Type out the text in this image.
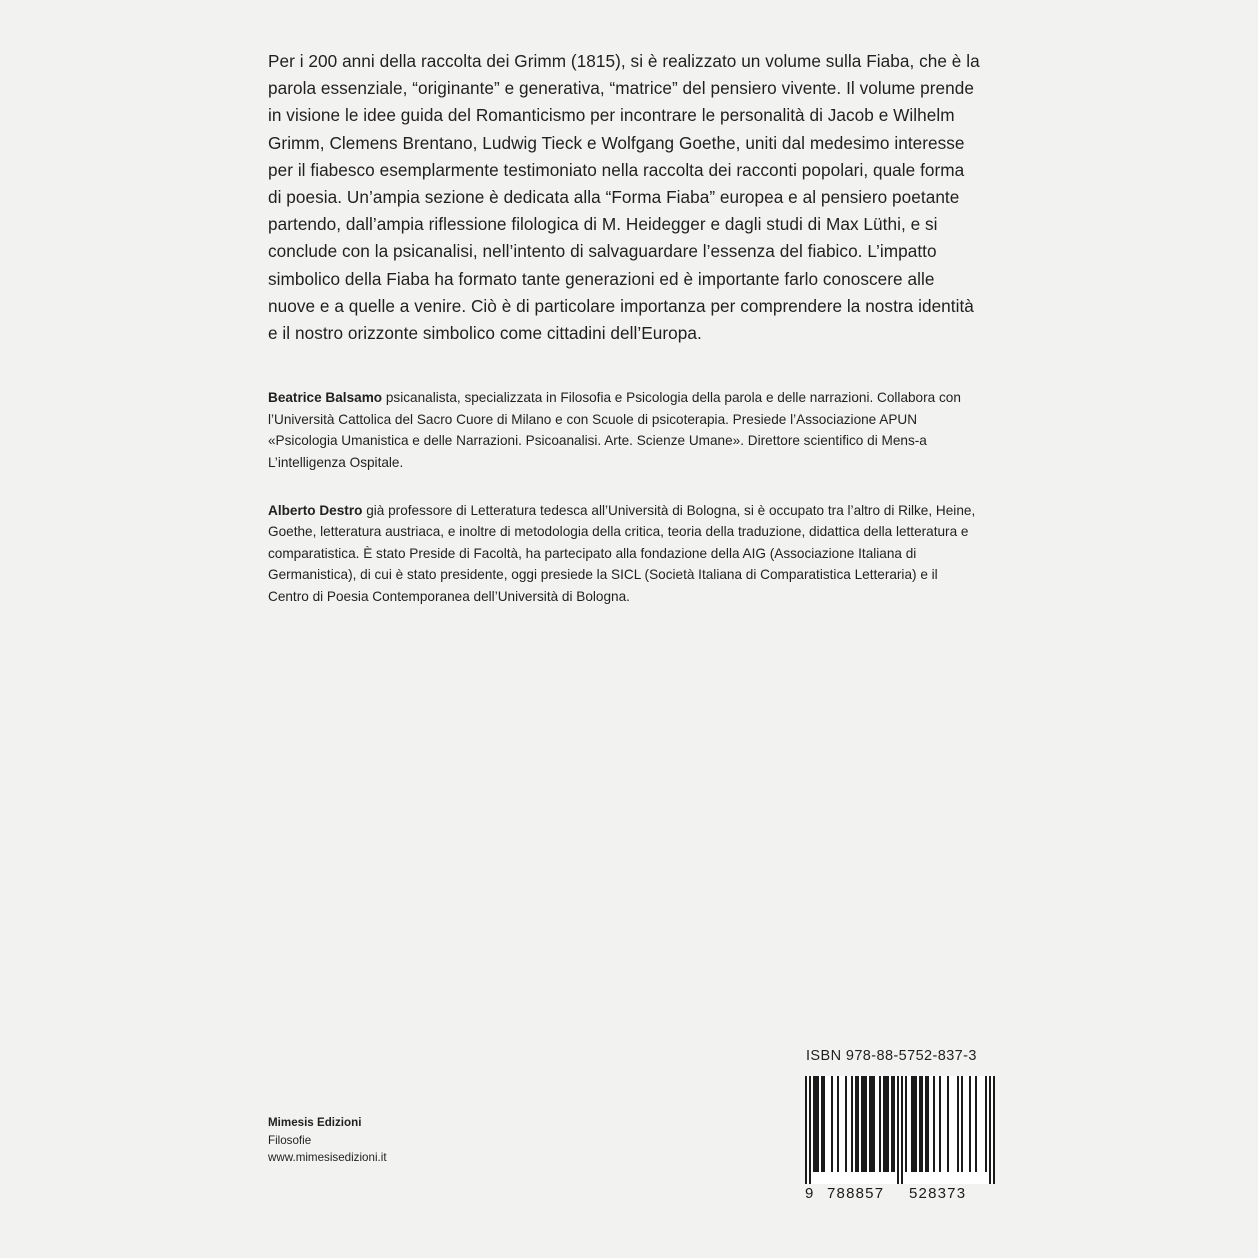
Per i 200 anni della raccolta dei Grimm (1815), si è realizzato un volume sulla Fiaba, che è la parola essenziale, “originante” e generativa, “matrice” del pensiero vivente. Il volume prende in visione le idee guida del Romanticismo per incontrare le personalità di Jacob e Wilhelm Grimm, Clemens Brentano, Ludwig Tieck e Wolfgang Goethe, uniti dal medesimo interesse per il fiabesco esemplarmente testimoniato nella raccolta dei racconti popolari, quale forma di poesia. Un’ampia sezione è dedicata alla “Forma Fiaba” europea e al pensiero poetante partendo, dall’ampia riflessione filologica di M. Heidegger e dagli studi di Max Lüthi, e si conclude con la psicanalisi, nell’intento di salvaguardare l’essenza del fiabico. L’impatto simbolico della Fiaba ha formato tante generazioni ed è importante farlo conoscere alle nuove e a quelle a venire. Ciò è di particolare importanza per comprendere la nostra identità e il nostro orizzonte simbolico come cittadini dell’Europa.

Beatrice Balsamo psicanalista, specializzata in Filosofia e Psicologia della parola e delle narrazioni. Collabora con l’Università Cattolica del Sacro Cuore di Milano e con Scuole di psicoterapia. Presiede l’Associazione APUN «Psicologia Umanistica e delle Narrazioni. Psicoanalisi. Arte. Scienze Umane». Direttore scientifico di Mens-a L’intelligenza Ospitale.

Alberto Destro già professore di Letteratura tedesca all’Università di Bologna, si è occupato tra l’altro di Rilke, Heine, Goethe, letteratura austriaca, e inoltre di metodologia della critica, teoria della traduzione, didattica della letteratura e comparatistica. È stato Preside di Facoltà, ha partecipato alla fondazione della AIG (Associazione Italiana di Germanistica), di cui è stato presidente, oggi presiede la SICL (Società Italiana di Comparatistica Letteraria) e il Centro di Poesia Contemporanea dell’Università di Bologna.

ISBN 978-88-5752-837-3
Mimesis Edizioni
Filosofie
www.mimesisedizioni.it
9 788857 528373
